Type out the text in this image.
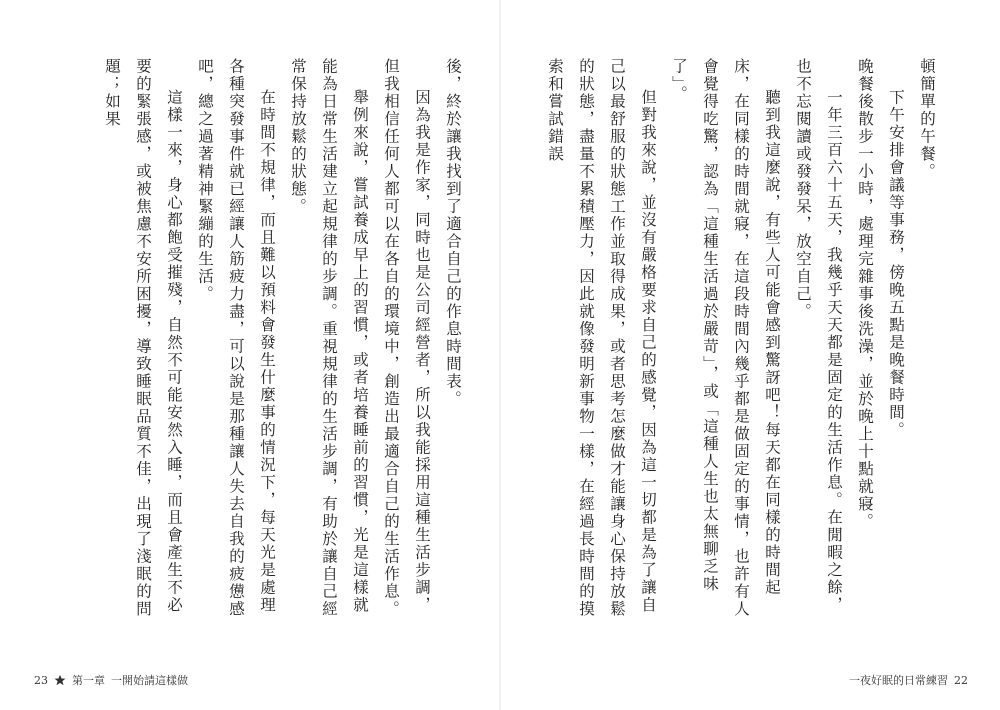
後，終於讓我找到了適合自己的作息時間表。

因為我是作家，同時也是公司經營者，所以我能採用這種生活步調，但我相信任何人都可以在各自的環境中，創造出最適合自己的生活作息。

舉例來說，嘗試養成早上的習慣，或者培養睡前的習慣，光是這樣就能為日常生活建立起規律的步調。重視規律的生活步調，有助於讓自己經常保持放鬆的狀態。

在時間不規律，而且難以預料會發生什麼事的情況下，每天光是處理各種突發事件就已經讓人筋疲力盡，可以說是那種讓人失去自我的疲憊感吧，總之過著精神緊繃的生活。

這樣一來，身心都飽受摧殘，自然不可能安然入睡，而且會產生不必要的緊張感，或被焦慮不安所困擾，導致睡眠品質不佳，出現了淺眠的問題；如果

23 第一章 一開始請這樣做

頓簡單的午餐。

下午安排會議等事務，傍晚五點是晚餐時間。

晚餐後散步一小時，處理完雜事後洗澡，並於晚上十點就寢。

一年三百六十五天，我幾乎天天都是固定的生活作息。在閒暇之餘，也不忘閱讀或發發呆，放空自己。

聽到我這麼說，有些人可能會感到驚訝吧！每天都在同樣的時間起床，在同樣的時間就寢，在這段時間內幾乎都是做固定的事情，也許有人會覺得吃驚，認為「這種生活過於嚴苛」，或「這種人生也太無聊乏味了」。

但對我來說，並沒有嚴格要求自己的感覺，因為這一切都是為了讓自己以最舒服的狀態工作並取得成果，或者思考怎麼做才能讓身心保持放鬆的狀態，盡量不累積壓力，因此就像發明新事物一樣，在經過長時間的摸索和嘗試錯誤

一夜好眠的日常練習 22
